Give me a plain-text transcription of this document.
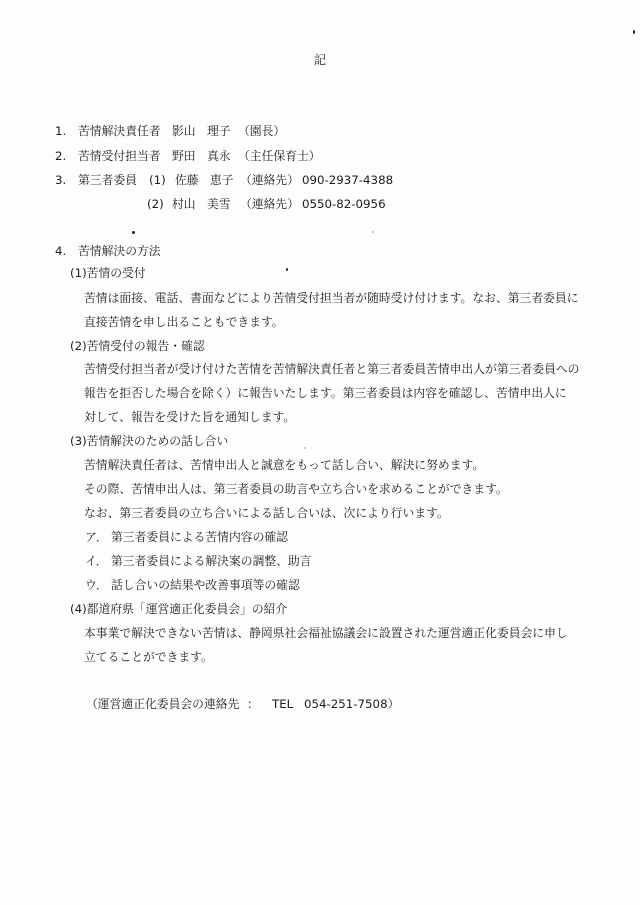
記
1. 苦情解決責任者 影山 理子 （園長）
2. 苦情受付担当者 野田 真永 （主任保育士）
3. 第三者委員 (1) 佐藤 恵子 （連絡先） 090-2937-4388
(2) 村山 美雪 （連絡先） 0550-82-0956
4. 苦情解決の方法
(1)苦情の受付
苦情は面接、電話、書面などにより苦情受付担当者が随時受け付けます。なお、第三者委員に
直接苦情を申し出ることもできます。
(2)苦情受付の報告・確認
苦情受付担当者が受け付けた苦情を苦情解決責任者と第三者委員苦情申出人が第三者委員への
報告を拒否した場合を除く）に報告いたします。第三者委員は内容を確認し、苦情申出人に
対して、報告を受けた旨を通知します。
(3)苦情解決のための話し合い
苦情解決責任者は、苦情申出人と誠意をもって話し合い、解決に努めます。
その際、苦情申出人は、第三者委員の助言や立ち合いを求めることができます。
なお、第三者委員の立ち合いによる話し合いは、次により行います。
ア． 第三者委員による苦情内容の確認
イ． 第三者委員による解決案の調整、助言
ウ． 話し合いの結果や改善事項等の確認
(4)都道府県「運営適正化委員会」の紹介
本事業で解決できない苦情は、静岡県社会福祉協議会に設置された運営適正化委員会に申し
立てることができます。
（運営適正化委員会の連絡先 ： TEL 054-251-7508）
